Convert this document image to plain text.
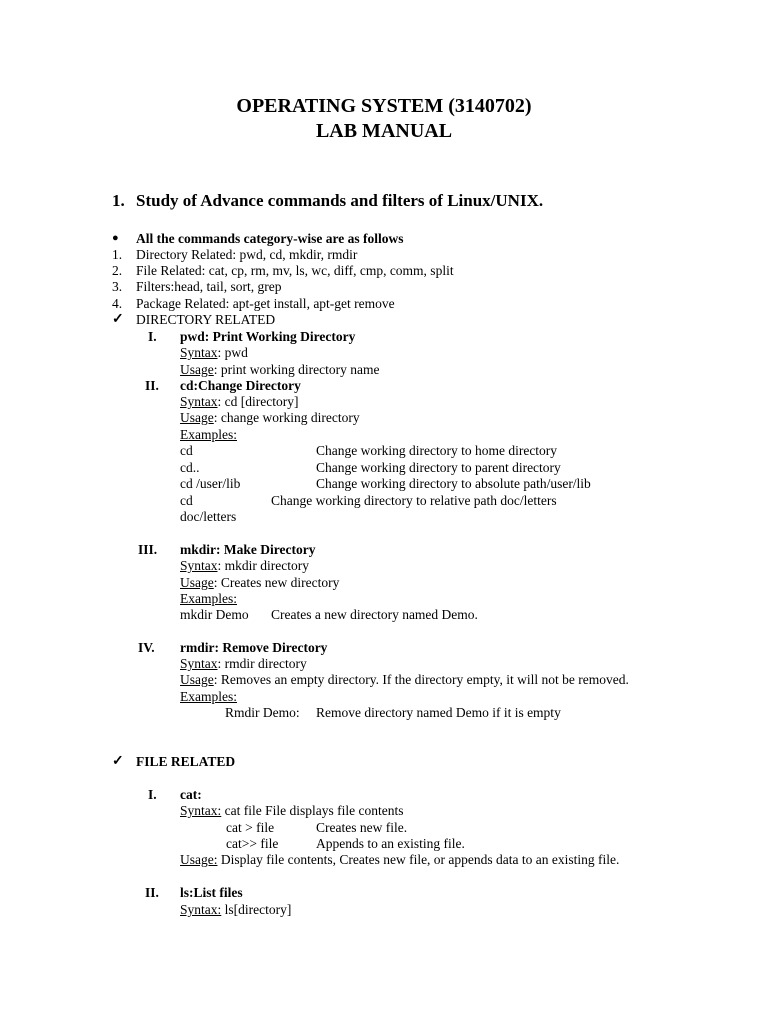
OPERATING SYSTEM (3140702)
LAB MANUAL
1. Study of Advance commands and filters of Linux/UNIX.
● All the commands category-wise are as follows
1. Directory Related: pwd, cd, mkdir, rmdir
2. File Related: cat, cp, rm, mv, ls, wc, diff, cmp, comm, split
3. Filters:head, tail, sort, grep
4. Package Related: apt-get install, apt-get remove
✓ DIRECTORY RELATED
I. pwd: Print Working Directory
Syntax: pwd
Usage: print working directory name
II. cd:Change Directory
Syntax: cd [directory]
Usage: change working directory
Examples:
cd	Change working directory to home directory
cd..	Change working directory to parent directory
cd /user/lib	Change working directory to absolute path/user/lib
cd	Change working directory to relative path doc/letters
doc/letters
III. mkdir: Make Directory
Syntax: mkdir directory
Usage: Creates new directory
Examples:
mkdir Demo Creates a new directory named Demo.
IV. rmdir: Remove Directory
Syntax: rmdir directory
Usage: Removes an empty directory. If the directory empty, it will not be removed.
Examples:
Rmdir Demo: Remove directory named Demo if it is empty
✓ FILE RELATED
I. cat:
Syntax: cat file File displays file contents
cat > file	Creates new file.
cat>> file	Appends to an existing file.
Usage: Display file contents, Creates new file, or appends data to an existing file.
II. ls:List files
Syntax: ls[directory]
